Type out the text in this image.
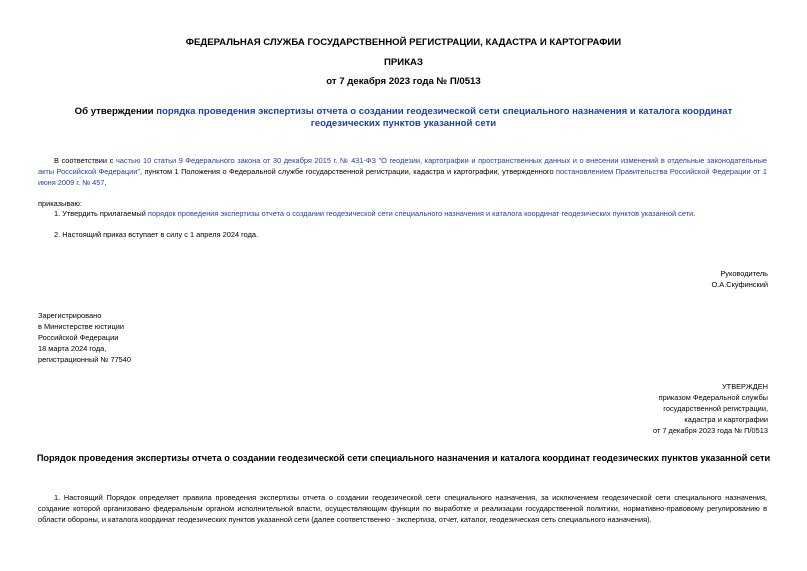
ФЕДЕРАЛЬНАЯ СЛУЖБА ГОСУДАРСТВЕННОЙ РЕГИСТРАЦИИ, КАДАСТРА И КАРТОГРАФИИ
ПРИКАЗ
от 7 декабря 2023 года № П/0513
Об утверждении порядка проведения экспертизы отчета о создании геодезической сети специального назначения и каталога координат геодезических пунктов указанной сети
В соответствии с частью 10 статьи 9 Федерального закона от 30 декабря 2015 г. № 431-ФЗ "О геодезии, картографии и пространственных данных и о внесении изменений в отдельные законодательные акты Российской Федерации", пунктом 1 Положения о Федеральной службе государственной регистрации, кадастра и картографии, утвержденного постановлением Правительства Российской Федерации от 1 июня 2009 г. № 457,
приказываю:
1. Утвердить прилагаемый порядок проведения экспертизы отчета о создании геодезической сети специального назначения и каталога координат геодезических пунктов указанной сети.
2. Настоящий приказ вступает в силу с 1 апреля 2024 года.
Руководитель
О.А.Скуфинский
Зарегистрировано
в Министерстве юстиции
Российской Федерации
18 марта 2024 года,
регистрационный № 77540
УТВЕРЖДЕН
приказом Федеральной службы
государственной регистрации,
кадастра и картографии
от 7 декабря 2023 года № П/0513
Порядок проведения экспертизы отчета о создании геодезической сети специального назначения и каталога координат геодезических пунктов указанной сети
1. Настоящий Порядок определяет правила проведения экспертизы отчета о создании геодезической сети специального назначения, за исключением геодезической сети специального назначения, создание которой организовано федеральным органом исполнительной власти, осуществляющим функции по выработке и реализации государственной политики, нормативно-правовому регулированию в области обороны, и каталога координат геодезических пунктов указанной сети (далее соответственно - экспертиза, отчет, каталог, геодезическая сеть специального назначения).
